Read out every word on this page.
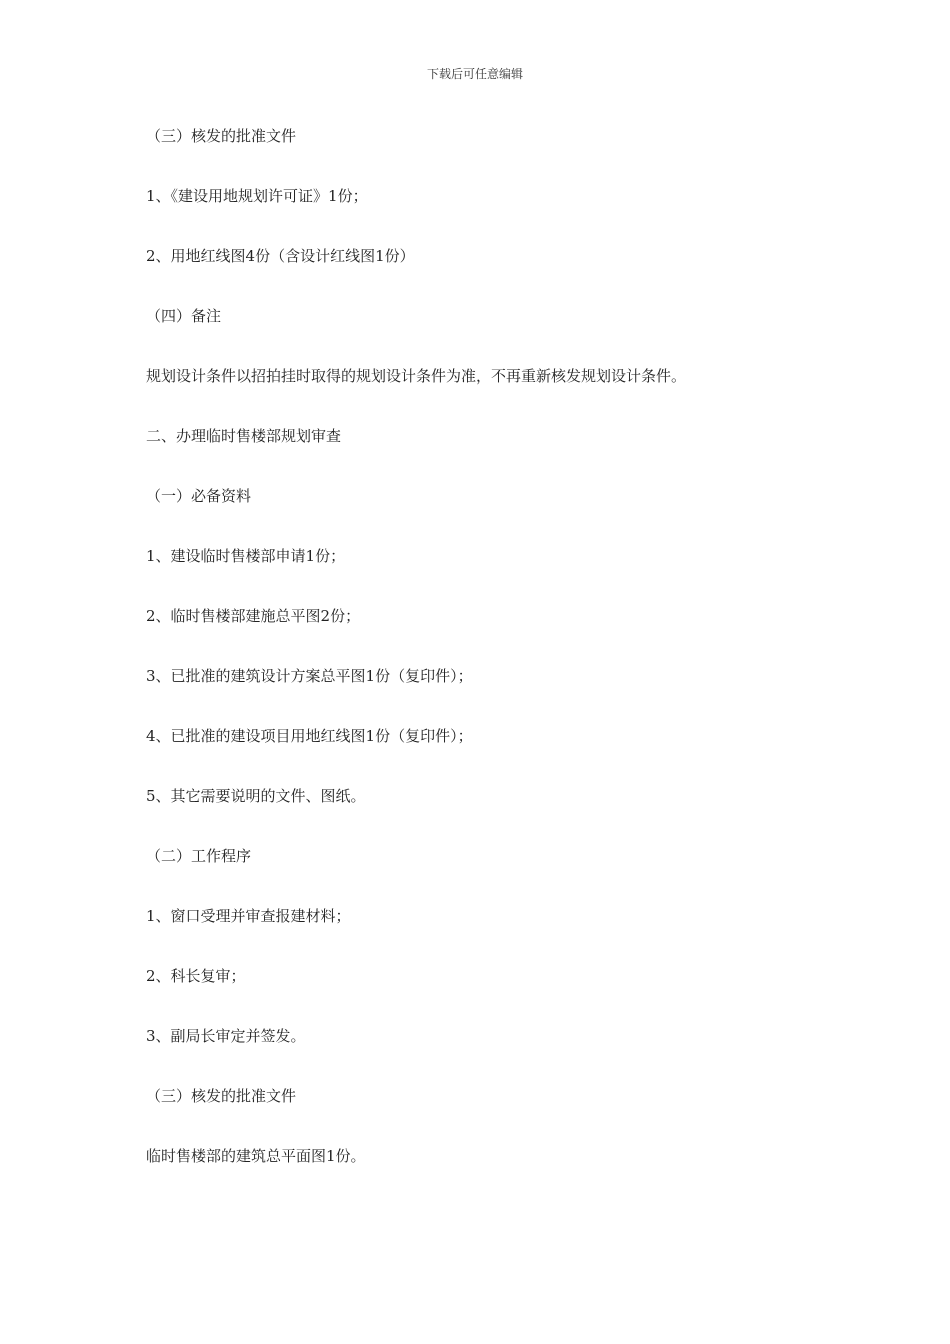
下载后可任意编辑
（三）核发的批准文件
1、《建设用地规划许可证》1份；
2、用地红线图4份（含设计红线图1份）
（四）备注
规划设计条件以招拍挂时取得的规划设计条件为准，不再重新核发规划设计条件。
二、办理临时售楼部规划审查
（一）必备资料
1、建设临时售楼部申请1份；
2、临时售楼部建施总平图2份；
3、已批准的建筑设计方案总平图1份（复印件）；
4、已批准的建设项目用地红线图1份（复印件）；
5、其它需要说明的文件、图纸。
（二）工作程序
1、窗口受理并审查报建材料；
2、科长复审；
3、副局长审定并签发。
（三）核发的批准文件
临时售楼部的建筑总平面图1份。
